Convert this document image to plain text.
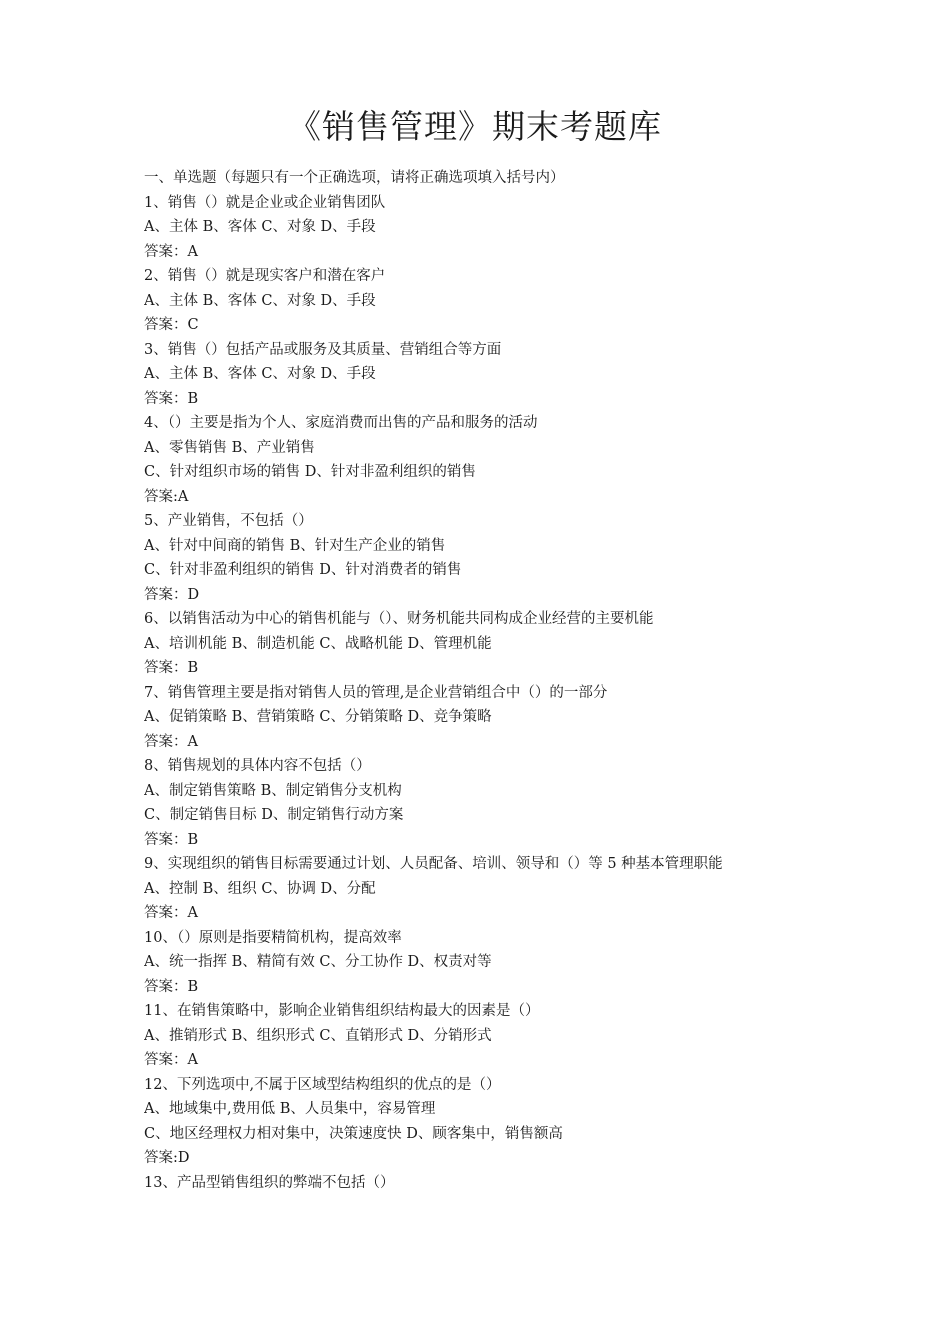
《销售管理》期末考题库
一、单选题（每题只有一个正确选项，请将正确选项填入括号内）
1、销售（）就是企业或企业销售团队
A、主体 B、客体 C、对象 D、手段
答案：A
2、销售（）就是现实客户和潜在客户
A、主体 B、客体 C、对象 D、手段
答案：C
3、销售（）包括产品或服务及其质量、营销组合等方面
A、主体 B、客体 C、对象 D、手段
答案：B
4、（）主要是指为个人、家庭消费而出售的产品和服务的活动
A、零售销售 B、产业销售
C、针对组织市场的销售 D、针对非盈利组织的销售
答案:A
5、产业销售，不包括（）
A、针对中间商的销售 B、针对生产企业的销售
C、针对非盈利组织的销售 D、针对消费者的销售
答案：D
6、以销售活动为中心的销售机能与（）、财务机能共同构成企业经营的主要机能
A、培训机能 B、制造机能 C、战略机能 D、管理机能
答案：B
7、销售管理主要是指对销售人员的管理,是企业营销组合中（）的一部分
A、促销策略 B、营销策略 C、分销策略 D、竞争策略
答案：A
8、销售规划的具体内容不包括（）
A、制定销售策略 B、制定销售分支机构
C、制定销售目标 D、制定销售行动方案
答案：B
9、实现组织的销售目标需要通过计划、人员配备、培训、领导和（）等 5 种基本管理职能
A、控制 B、组织 C、协调 D、分配
答案：A
10、（）原则是指要精简机构，提高效率
A、统一指挥 B、精简有效 C、分工协作 D、权责对等
答案：B
11、在销售策略中，影响企业销售组织结构最大的因素是（）
A、推销形式 B、组织形式 C、直销形式 D、分销形式
答案：A
12、下列选项中,不属于区域型结构组织的优点的是（）
A、地域集中,费用低 B、人员集中，容易管理
C、地区经理权力相对集中，决策速度快 D、顾客集中，销售额高
答案:D
13、产品型销售组织的弊端不包括（）
